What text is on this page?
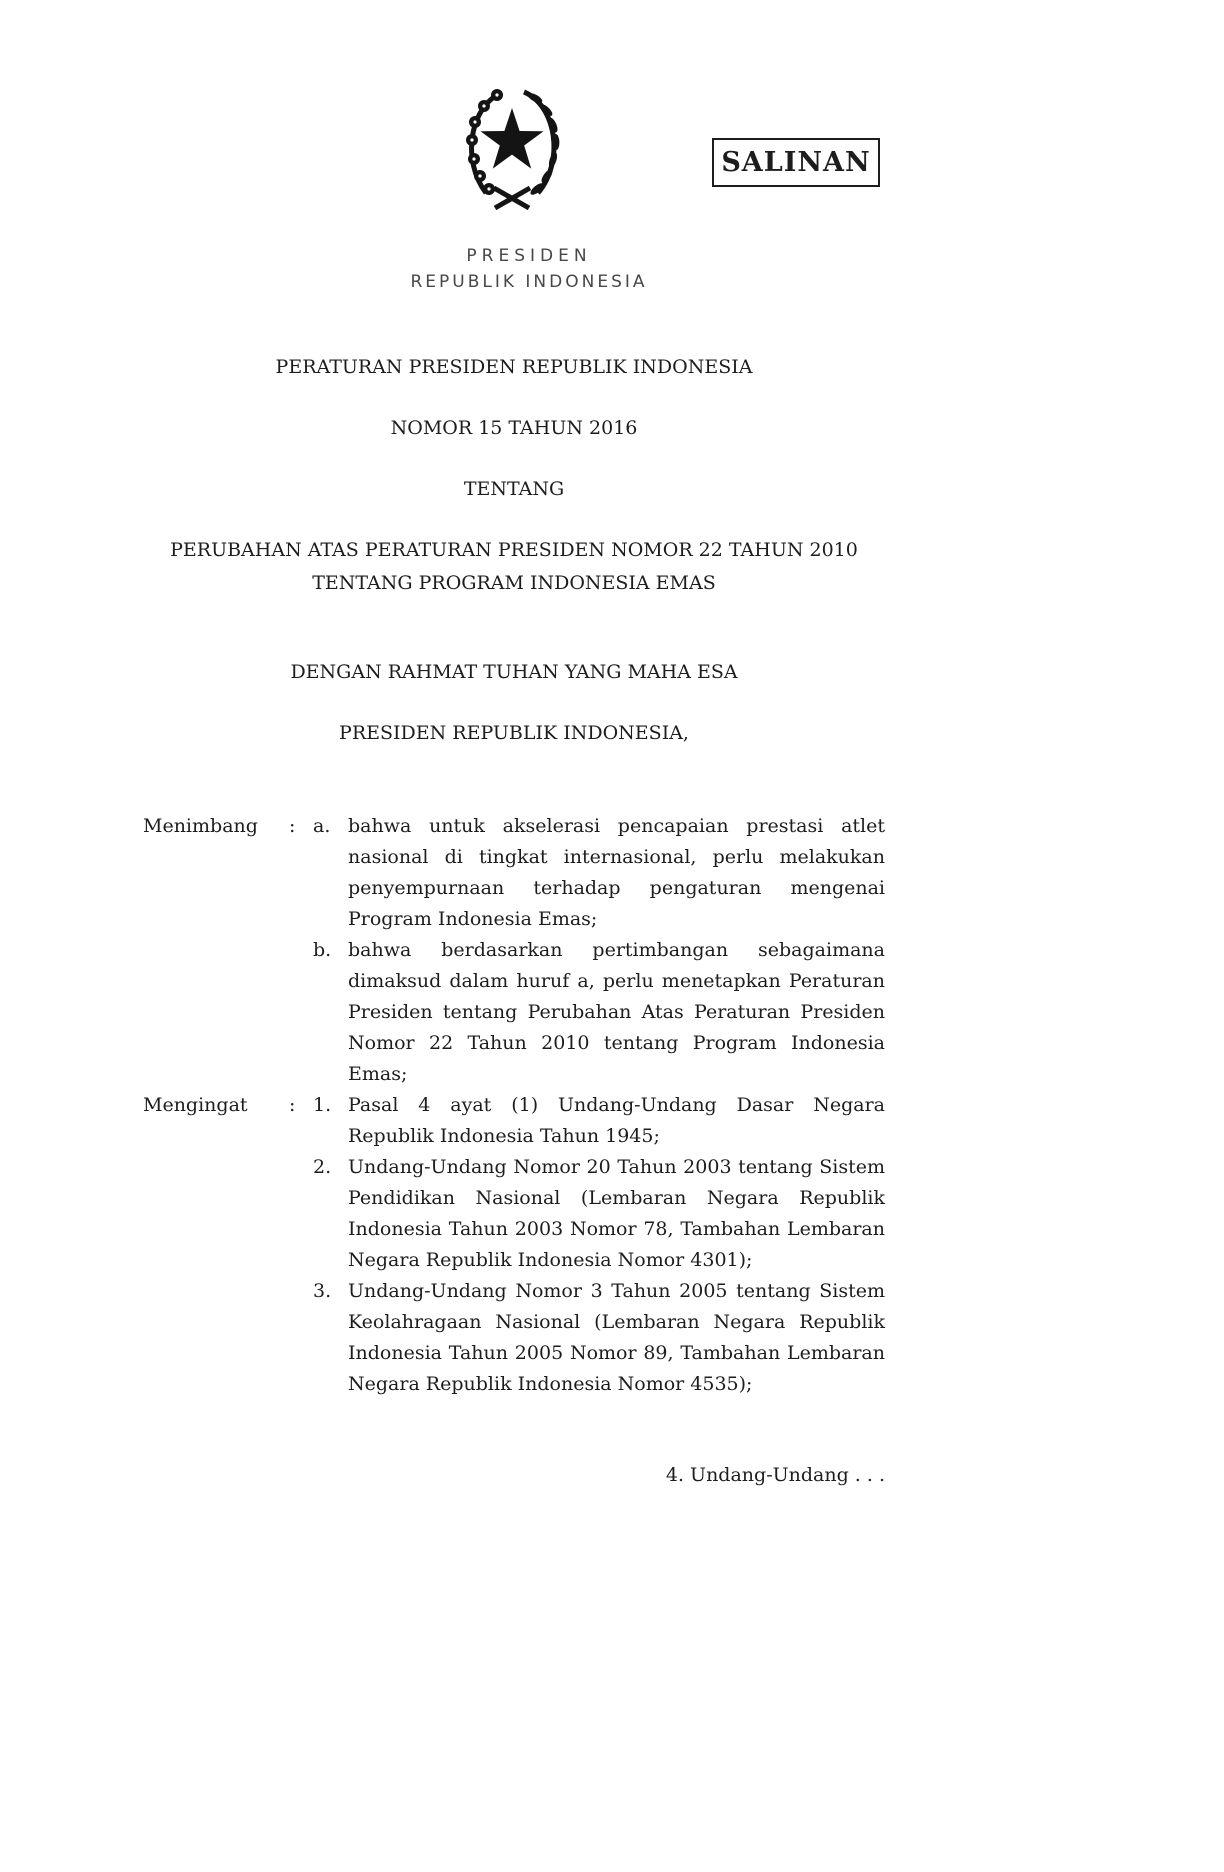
SALINAN
PRESIDEN
REPUBLIK INDONESIA

PERATURAN PRESIDEN REPUBLIK INDONESIA

NOMOR 15 TAHUN 2016

TENTANG

PERUBAHAN ATAS PERATURAN PRESIDEN NOMOR 22 TAHUN 2010

TENTANG PROGRAM INDONESIA EMAS

DENGAN RAHMAT TUHAN YANG MAHA ESA

PRESIDEN REPUBLIK INDONESIA,

Menimbang	: a. bahwa untuk akselerasi pencapaian prestasi atlet nasional di tingkat internasional, perlu melakukan penyempurnaan terhadap pengaturan mengenai Program Indonesia Emas;
b. bahwa berdasarkan pertimbangan sebagaimana dimaksud dalam huruf a, perlu menetapkan Peraturan Presiden tentang Perubahan Atas Peraturan Presiden Nomor 22 Tahun 2010 tentang Program Indonesia Emas;
Mengingat	: 1. Pasal 4 ayat (1) Undang-Undang Dasar Negara Republik Indonesia Tahun 1945;
2. Undang-Undang Nomor 20 Tahun 2003 tentang Sistem Pendidikan Nasional (Lembaran Negara Republik Indonesia Tahun 2003 Nomor 78, Tambahan Lembaran Negara Republik Indonesia Nomor 4301);
3. Undang-Undang Nomor 3 Tahun 2005 tentang Sistem Keolahragaan Nasional (Lembaran Negara Republik Indonesia Tahun 2005 Nomor 89, Tambahan Lembaran Negara Republik Indonesia Nomor 4535);
4. Undang-Undang . . .
